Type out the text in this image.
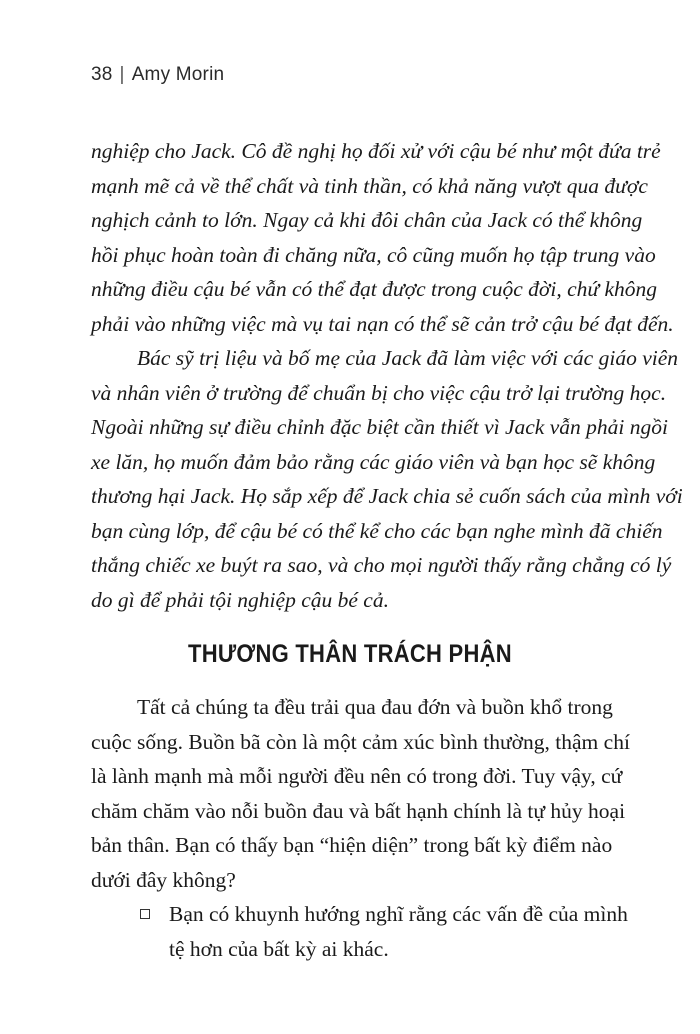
38 | Amy Morin

nghiệp cho Jack. Cô đề nghị họ đối xử với cậu bé như một đứa trẻ
mạnh mẽ cả về thể chất và tinh thần, có khả năng vượt qua được
nghịch cảnh to lớn. Ngay cả khi đôi chân của Jack có thể không
hồi phục hoàn toàn đi chăng nữa, cô cũng muốn họ tập trung vào
những điều cậu bé vẫn có thể đạt được trong cuộc đời, chứ không
phải vào những việc mà vụ tai nạn có thể sẽ cản trở cậu bé đạt đến.

Bác sỹ trị liệu và bố mẹ của Jack đã làm việc với các giáo viên
và nhân viên ở trường để chuẩn bị cho việc cậu trở lại trường học.
Ngoài những sự điều chỉnh đặc biệt cần thiết vì Jack vẫn phải ngồi
xe lăn, họ muốn đảm bảo rằng các giáo viên và bạn học sẽ không
thương hại Jack. Họ sắp xếp để Jack chia sẻ cuốn sách của mình với
bạn cùng lớp, để cậu bé có thể kể cho các bạn nghe mình đã chiến
thắng chiếc xe buýt ra sao, và cho mọi người thấy rằng chẳng có lý
do gì để phải tội nghiệp cậu bé cả.

THƯƠNG THÂN TRÁCH PHẬN

Tất cả chúng ta đều trải qua đau đớn và buồn khổ trong
cuộc sống. Buồn bã còn là một cảm xúc bình thường, thậm chí
là lành mạnh mà mỗi người đều nên có trong đời. Tuy vậy, cứ
chăm chăm vào nỗi buồn đau và bất hạnh chính là tự hủy hoại
bản thân. Bạn có thấy bạn “hiện diện” trong bất kỳ điểm nào
dưới đây không?

Bạn có khuynh hướng nghĩ rằng các vấn đề của mình
tệ hơn của bất kỳ ai khác.
